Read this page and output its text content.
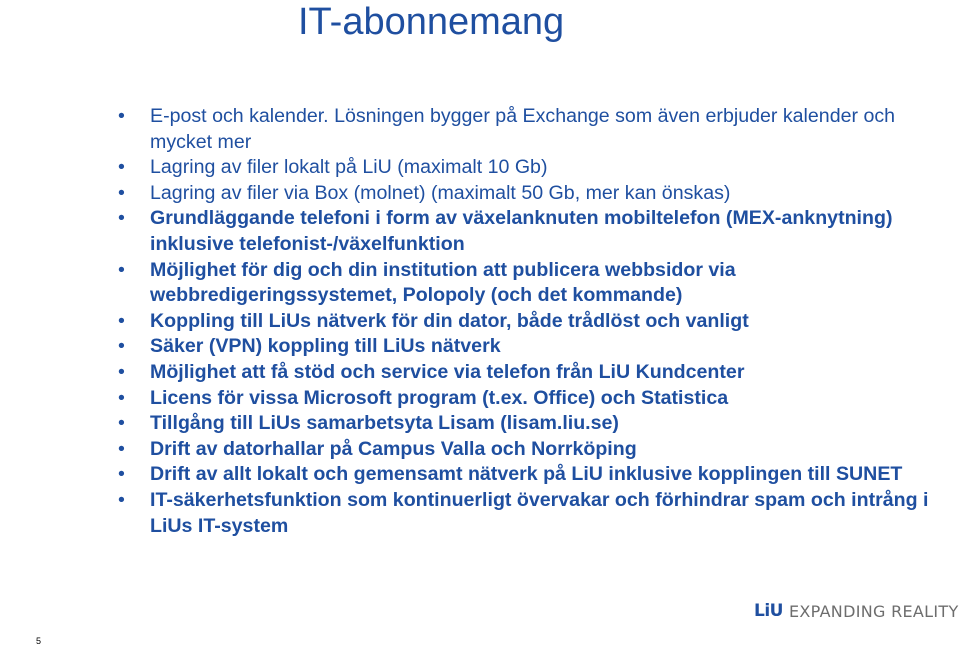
IT-abonnemang
• E-post och kalender. Lösningen bygger på Exchange som även erbjuder kalender och mycket mer
• Lagring av filer lokalt på LiU (maximalt 10 Gb)
• Lagring av filer via Box (molnet) (maximalt 50 Gb, mer kan önskas)
• Grundläggande telefoni i form av växelanknuten mobiltelefon (MEX-anknytning) inklusive telefonist-/växelfunktion
• Möjlighet för dig och din institution att publicera webbsidor via webbredigeringssystemet, Polopoly (och det kommande)
• Koppling till LiUs nätverk för din dator, både trådlöst och vanligt
• Säker (VPN) koppling till LiUs nätverk
• Möjlighet att få stöd och service via telefon från LiU Kundcenter
• Licens för vissa Microsoft program (t.ex. Office) och Statistica
• Tillgång till LiUs samarbetsyta Lisam (lisam.liu.se)
• Drift av datorhallar på Campus Valla och Norrköping
• Drift av allt lokalt och gemensamt nätverk på LiU inklusive kopplingen till SUNET
• IT-säkerhetsfunktion som kontinuerligt övervakar och förhindrar spam och intrång i LiUs IT-system
LiU EXPANDING REALITY
5
